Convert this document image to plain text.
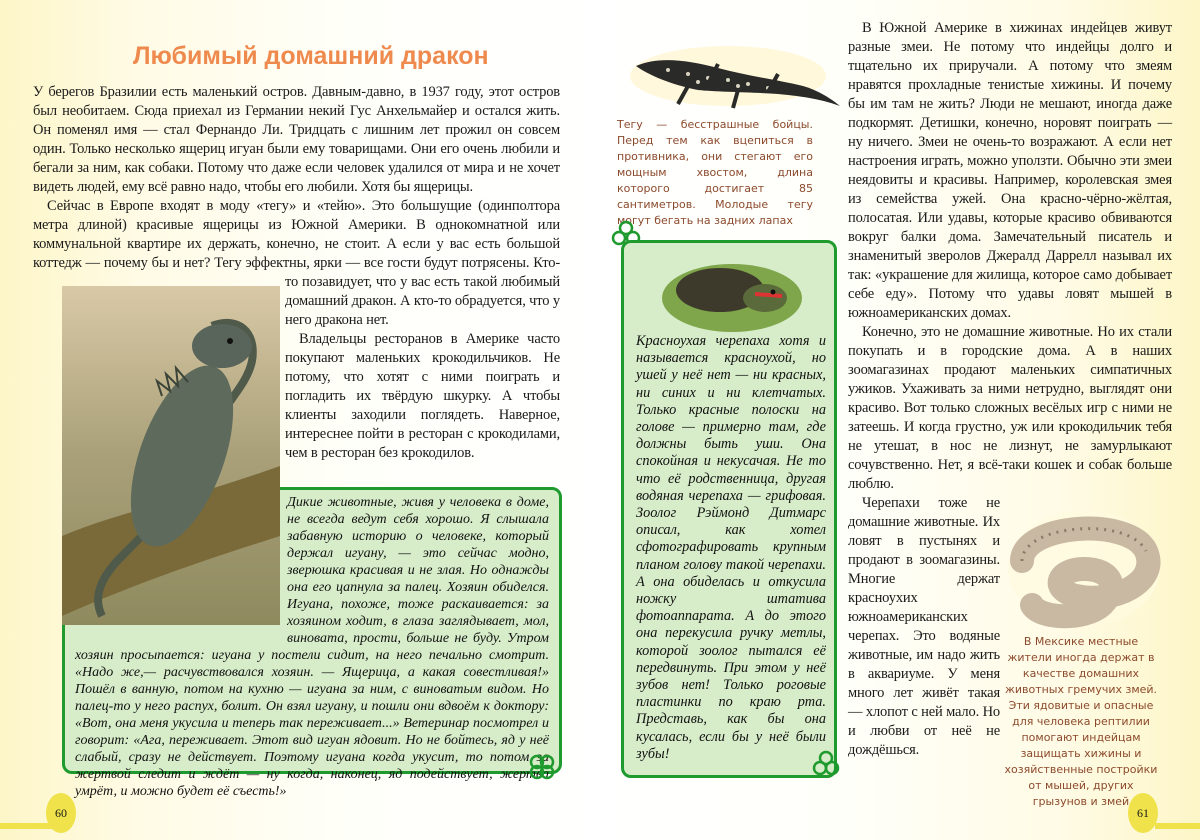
Любимый домашний дракон

У берегов Бразилии есть маленький остров. Давным-давно, в 1937 году, этот остров был необитаем. Сюда приехал из Германии некий Гус Анхельмайер и остался жить. Он поменял имя — стал Фернандо Ли. Тридцать с лишним лет прожил он совсем один. Только несколько ящериц игуан были ему товарищами. Они его очень любили и бегали за ним, как собаки. Потому что даже если человек удалился от мира и не хочет видеть людей, ему всё равно надо, чтобы его любили. Хотя бы ящерицы.

Сейчас в Европе входят в моду «тегу» и «тейю». Это большущие (одинполтора метра длиной) красивые ящерицы из Южной Америки. В однокомнатной или коммунальной квартире их держать, конечно, не стоит. А если у вас есть большой коттедж — почему бы и нет? Тегу эффектны, ярки — все гости будут потрясены. Кто-то позавидует, что у вас есть такой любимый домашний дракон. А кто-то обрадуется, что у него дракона нет.

Владельцы ресторанов в Америке часто покупают маленьких крокодильчиков. Не потому, что хотят с ними поиграть и погладить их твёрдую шкурку. А чтобы клиенты заходили поглядеть. Наверное, интереснее пойти в ресторан с крокодилами, чем в ресторан без крокодилов.

Дикие животные, живя у человека в доме, не всегда ведут себя хорошо. Я слышала забавную историю о человеке, который держал игуану, — это сейчас модно, зверюшка красивая и не злая. Но однажды она его цапнула за палец. Хозяин обиделся. Игуана, похоже, тоже раскаивается: за хозяином ходит, в глаза заглядывает, мол, виновата, прости, больше не буду. Утром хозяин просыпается: игуана у постели сидит, на него печально смотрит. «Надо же,— расчувствовался хозяин. — Ящерица, а какая совестливая!» Пошёл в ванную, потом на кухню — игуана за ним, с виноватым видом. Но палец-то у него распух, болит. Он взял игуану, и пошли они вдвоём к доктору: «Вот, она меня укусила и теперь так переживает...» Ветеринар посмотрел и говорит: «Ага, переживает. Этот вид игуан ядовит. Но не бойтесь, яд у неё слабый, сразу не действует. Поэтому игуана когда укусит, то потом за жертвой следит и ждёт — ну когда, наконец, яд подействует, жертва умрёт, и можно будет её съесть!»
60
Тегу — бесстрашные бойцы. Перед тем как вцепиться в противника, они стегают его мощным хвостом, длина которого достигает 85 сантиметров. Молодые тегу могут бегать на задних лапах
Красноухая черепаха хотя и называется красноухой, но ушей у неё нет — ни красных, ни синих и ни клетчатых. Только красные полоски на голове — примерно там, где должны быть уши. Она спокойная и некусачая. Не то что её родственница, другая водяная черепаха — грифовая. Зоолог Рэймонд Дитмарс описал, как хотел сфотографировать крупным планом голову такой черепахи. А она обиделась и откусила ножку штатива фотоаппарата. А до этого она перекусила ручку метлы, которой зоолог пытался её передвинуть. При этом у неё зубов нет! Только роговые пластинки по краю рта. Представь, как бы она кусалась, если бы у неё были зубы!

В Южной Америке в хижинах индейцев живут разные змеи. Не потому что индейцы долго и тщательно их приручали. А потому что змеям нравятся прохладные тенистые хижины. И почему бы им там не жить? Люди не мешают, иногда даже подкормят. Детишки, конечно, норовят поиграть — ну ничего. Змеи не очень-то возражают. А если нет настроения играть, можно уползти. Обычно эти змеи неядовиты и красивы. Например, королевская змея из семейства ужей. Она красно-чёрно-жёлтая, полосатая. Или удавы, которые красиво обвиваются вокруг балки дома. Замечательный писатель и знаменитый зверолов Джералд Даррелл называл их так: «украшение для жилища, которое само добывает себе еду». Потому что удавы ловят мышей в южноамериканских домах.

Конечно, это не домашние животные. Но их стали покупать и в городские дома. А в наших зоомагазинах продают маленьких симпатичных ужиков. Ухаживать за ними нетрудно, выглядят они красиво. Вот только сложных весёлых игр с ними не затеешь. И когда грустно, уж или крокодильчик тебя не утешат, в нос не лизнут, не замурлыкают сочувственно. Нет, я всё-таки кошек и собак больше люблю.

Черепахи тоже не домашние животные. Их ловят в пустынях и продают в зоомагазины. Многие держат красноухих южноамериканских черепах. Это водяные животные, им надо жить в аквариуме. У меня много лет живёт такая — хлопот с ней мало. Но и любви от неё не дождёшься.

В Мексике местные жители иногда держат в качестве домашних животных гремучих змей. Эти ядовитые и опасные для человека рептилии помогают индейцам защищать хижины и хозяйственные постройки от мышей, других грызунов и змей
61
